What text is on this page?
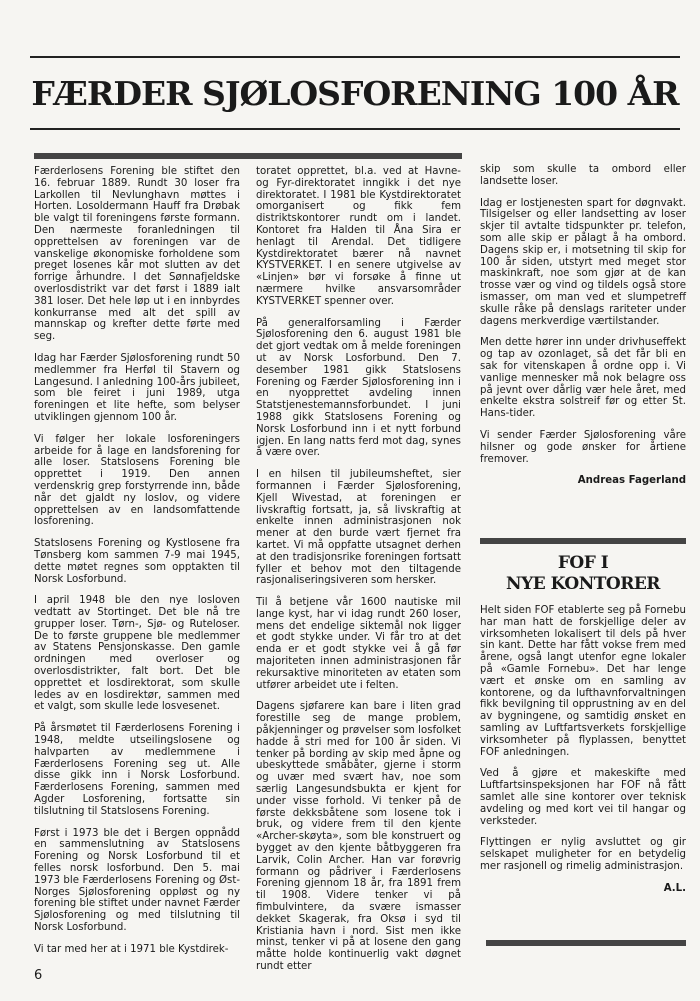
FÆRDER SJØLOSFORENING 100 ÅR

Færderlosens Forening ble stiftet den 16. februar 1889. Rundt 30 loser fra Larkollen til Nevlunghavn møttes i Horten. Losoldermann Hauff fra Drøbak ble valgt til foreningens første formann. Den nærmeste foranledningen til opprettelsen av foreningen var de vanskelige økonomiske forholdene som preget losenes kår mot slutten av det forrige århundre. I det Sønnafjeldske overlosdistrikt var det først i 1889 ialt 381 loser. Det hele løp ut i en innbyrdes konkurranse med alt det spill av mannskap og krefter dette førte med seg.

Idag har Færder Sjølosforening rundt 50 medlemmer fra Herføl til Stavern og Langesund. I anledning 100-års jubileet, som ble feiret i juni 1989, utga foreningen et lite hefte, som belyser utviklingen gjennom 100 år.

Vi følger her lokale losforeningers arbeide for å lage en landsforening for alle loser. Statslosens Forening ble opprettet i 1919. Den annen verdenskrig grep forstyrrende inn, både når det gjaldt ny loslov, og videre opprettelsen av en landsomfattende losforening.

Statslosens Forening og Kystlosene fra Tønsberg kom sammen 7-9 mai 1945, dette møtet regnes som opptakten til Norsk Losforbund.

I april 1948 ble den nye losloven vedtatt av Stortinget. Det ble nå tre grupper loser. Tørn-, Sjø- og Ruteloser. De to første gruppene ble medlemmer av Statens Pensjonskasse. Den gamle ordningen med overloser og overlosdistrikter, falt bort. Det ble opprettet et losdirektorat, som skulle ledes av en losdirektør, sammen med et valgt, som skulle lede losvesenet.

På årsmøtet til Færderlosens Forening i 1948, meldte utseilingslosene og halvparten av medlemmene i Færderlosens Forening seg ut. Alle disse gikk inn i Norsk Losforbund. Færderlosens Forening, sammen med Agder Losforening, fortsatte sin tilslutning til Statslosens Forening.

Først i 1973 ble det i Bergen oppnådd en sammenslutning av Statslosens Forening og Norsk Losforbund til et felles norsk losforbund. Den 5. mai 1973 ble Færderlosens Forening og Øst-Norges Sjølosforening oppløst og ny forening ble stiftet under navnet Færder Sjølosforening og med tilslutning til Norsk Losforbund.

Vi tar med her at i 1971 ble Kystdirek-

toratet opprettet, bl.a. ved at Havne- og Fyr-direktoratet inngikk i det nye direktoratet. I 1981 ble Kystdirektoratet omorganisert og fikk fem distriktskontorer rundt om i landet. Kontoret fra Halden til Åna Sira er henlagt til Arendal. Det tidligere Kystdirektoratet bærer nå navnet KYSTVERKET. I en senere utgivelse av «Linjen» bør vi forsøke å finne ut nærmere hvilke ansvarsområder KYSTVERKET spenner over.

På generalforsamling i Færder Sjølosforening den 6. august 1981 ble det gjort vedtak om å melde foreningen ut av Norsk Losforbund. Den 7. desember 1981 gikk Statslosens Forening og Færder Sjølosforening inn i en nyopprettet avdeling innen Statstjenestemannsforbundet. I juni 1988 gikk Statslosens Forening og Norsk Losforbund inn i et nytt forbund igjen. En lang natts ferd mot dag, synes å være over.

I en hilsen til jubileumsheftet, sier formannen i Færder Sjølosforening, Kjell Wivestad, at foreningen er livskraftig fortsatt, ja, så livskraftig at enkelte innen administrasjonen nok mener at den burde vært fjernet fra kartet. Vi må oppfatte utsagnet derhen at den tradisjonsrike foreningen fortsatt fyller et behov mot den tiltagende rasjonaliseringsiveren som hersker.

Til å betjene vår 1600 nautiske mil lange kyst, har vi idag rundt 260 loser, mens det endelige siktemål nok ligger et godt stykke under. Vi får tro at det enda er et godt stykke vei å gå før majoriteten innen administrasjonen får rekursaktive minoriteten av etaten som utfører arbeidet ute i felten.

Dagens sjøfarere kan bare i liten grad forestille seg de mange problem, påkjenninger og prøvelser som losfolket hadde å stri med for 100 år siden. Vi tenker på bording av skip med åpne og ubeskyttede småbåter, gjerne i storm og uvær med svært hav, noe som særlig Langesundsbukta er kjent for under visse forhold. Vi tenker på de første dekksbåtene som losene tok i bruk, og videre frem til den kjente «Archer-skøyta», som ble konstruert og bygget av den kjente båtbyggeren fra Larvik, Colin Archer. Han var forøvrig formann og pådriver i Færderlosens Forening gjennom 18 år, fra 1891 frem til 1908. Videre tenker vi på fimbulvintere, da svære ismasser dekket Skagerak, fra Oksø i syd til Kristiania havn i nord. Sist men ikke minst, tenker vi på at losene den gang måtte holde kontinuerlig vakt døgnet rundt etter

skip som skulle ta ombord eller landsette loser.

Idag er lostjenesten spart for døgnvakt. Tilsigelser og eller landsetting av loser skjer til avtalte tidspunkter pr. telefon, som alle skip er pålagt å ha ombord. Dagens skip er, i motsetning til skip for 100 år siden, utstyrt med meget stor maskinkraft, noe som gjør at de kan trosse vær og vind og tildels også store ismasser, om man ved et slumpetreff skulle råke på denslags rariteter under dagens merkverdige værtilstander.

Men dette hører inn under drivhuseffekt og tap av ozonlaget, så det får bli en sak for vitenskapen å ordne opp i. Vi vanlige mennesker må nok belagre oss på jevnt over dårlig vær hele året, med enkelte ekstra solstreif før og etter St. Hans-tider.

Vi sender Færder Sjølosforening våre hilsner og gode ønsker for årtiene fremover.

Andreas Fagerland
FOF I
NYE KONTORER

Helt siden FOF etablerte seg på Fornebu har man hatt de forskjellige deler av virksomheten lokalisert til dels på hver sin kant. Dette har fått vokse frem med årene, også langt utenfor egne lokaler på «Gamle Fornebu». Det har lenge vært et ønske om en samling av kontorene, og da lufthavnforvaltningen fikk bevilgning til opprustning av en del av bygningene, og samtidig ønsket en samling av Luftfartsverkets forskjellige virksomheter på flyplassen, benyttet FOF anledningen.

Ved å gjøre et makeskifte med Luftfartsinspeksjonen har FOF nå fått samlet alle sine kontorer over teknisk avdeling og med kort vei til hangar og verksteder.

Flyttingen er nylig avsluttet og gir selskapet muligheter for en betydelig mer rasjonell og rimelig administrasjon.

A.L.
6
